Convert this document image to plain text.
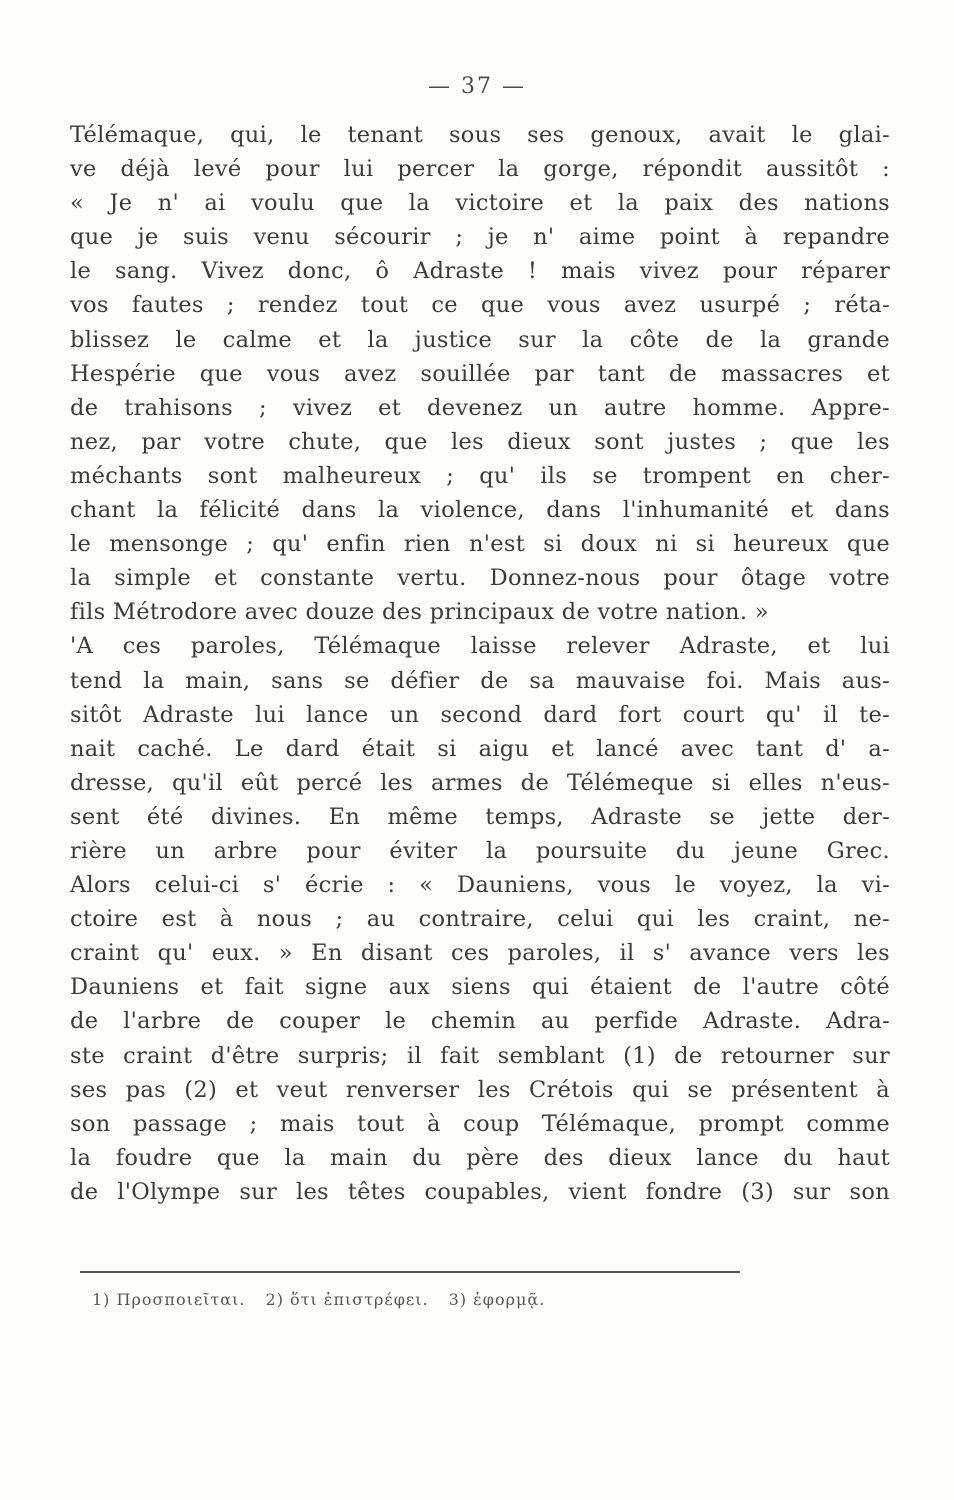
— 37 —
Télémaque, qui, le tenant sous ses genoux, avait le glai-
ve déjà levé pour lui percer la gorge, répondit aussitôt :
« Je n' ai voulu que la victoire et la paix des nations
que je suis venu sécourir ; je n' aime point à repandre
le sang. Vivez donc, ô Adraste ! mais vivez pour réparer
vos fautes ; rendez tout ce que vous avez usurpé ; réta-
blissez le calme et la justice sur la côte de la grande
Hespérie que vous avez souillée par tant de massacres et
de trahisons ; vivez et devenez un autre homme. Appre-
nez, par votre chute, que les dieux sont justes ; que les
méchants sont malheureux ; qu' ils se trompent en cher-
chant la félicité dans la violence, dans l'inhumanité et dans
le mensonge ; qu' enfin rien n'est si doux ni si heureux que
la simple et constante vertu. Donnez-nous pour ôtage votre
fils Métrodore avec douze des principaux de votre nation. »
'A ces paroles, Télémaque laisse relever Adraste, et lui
tend la main, sans se défier de sa mauvaise foi. Mais aus-
sitôt Adraste lui lance un second dard fort court qu' il te-
nait caché. Le dard était si aigu et lancé avec tant d' a-
dresse, qu'il eût percé les armes de Télémeque si elles n'eus-
sent été divines. En même temps, Adraste se jette der-
rière un arbre pour éviter la poursuite du jeune Grec.
Alors celui-ci s' écrie : « Dauniens, vous le voyez, la vi-
ctoire est à nous ; au contraire, celui qui les craint, ne-
craint qu' eux. » En disant ces paroles, il s' avance vers les
Dauniens et fait signe aux siens qui étaient de l'autre côté
de l'arbre de couper le chemin au perfide Adraste. Adra-
ste craint d'être surpris; il fait semblant (1) de retourner sur
ses pas (2) et veut renverser les Crétois qui se présentent à
son passage ; mais tout à coup Télémaque, prompt comme
la foudre que la main du père des dieux lance du haut
de l'Olympe sur les têtes coupables, vient fondre (3) sur son
1) Προσποιεῖται. 2) ὅτι ἐπιστρέφει. 3) ἐφορμᾷ.
